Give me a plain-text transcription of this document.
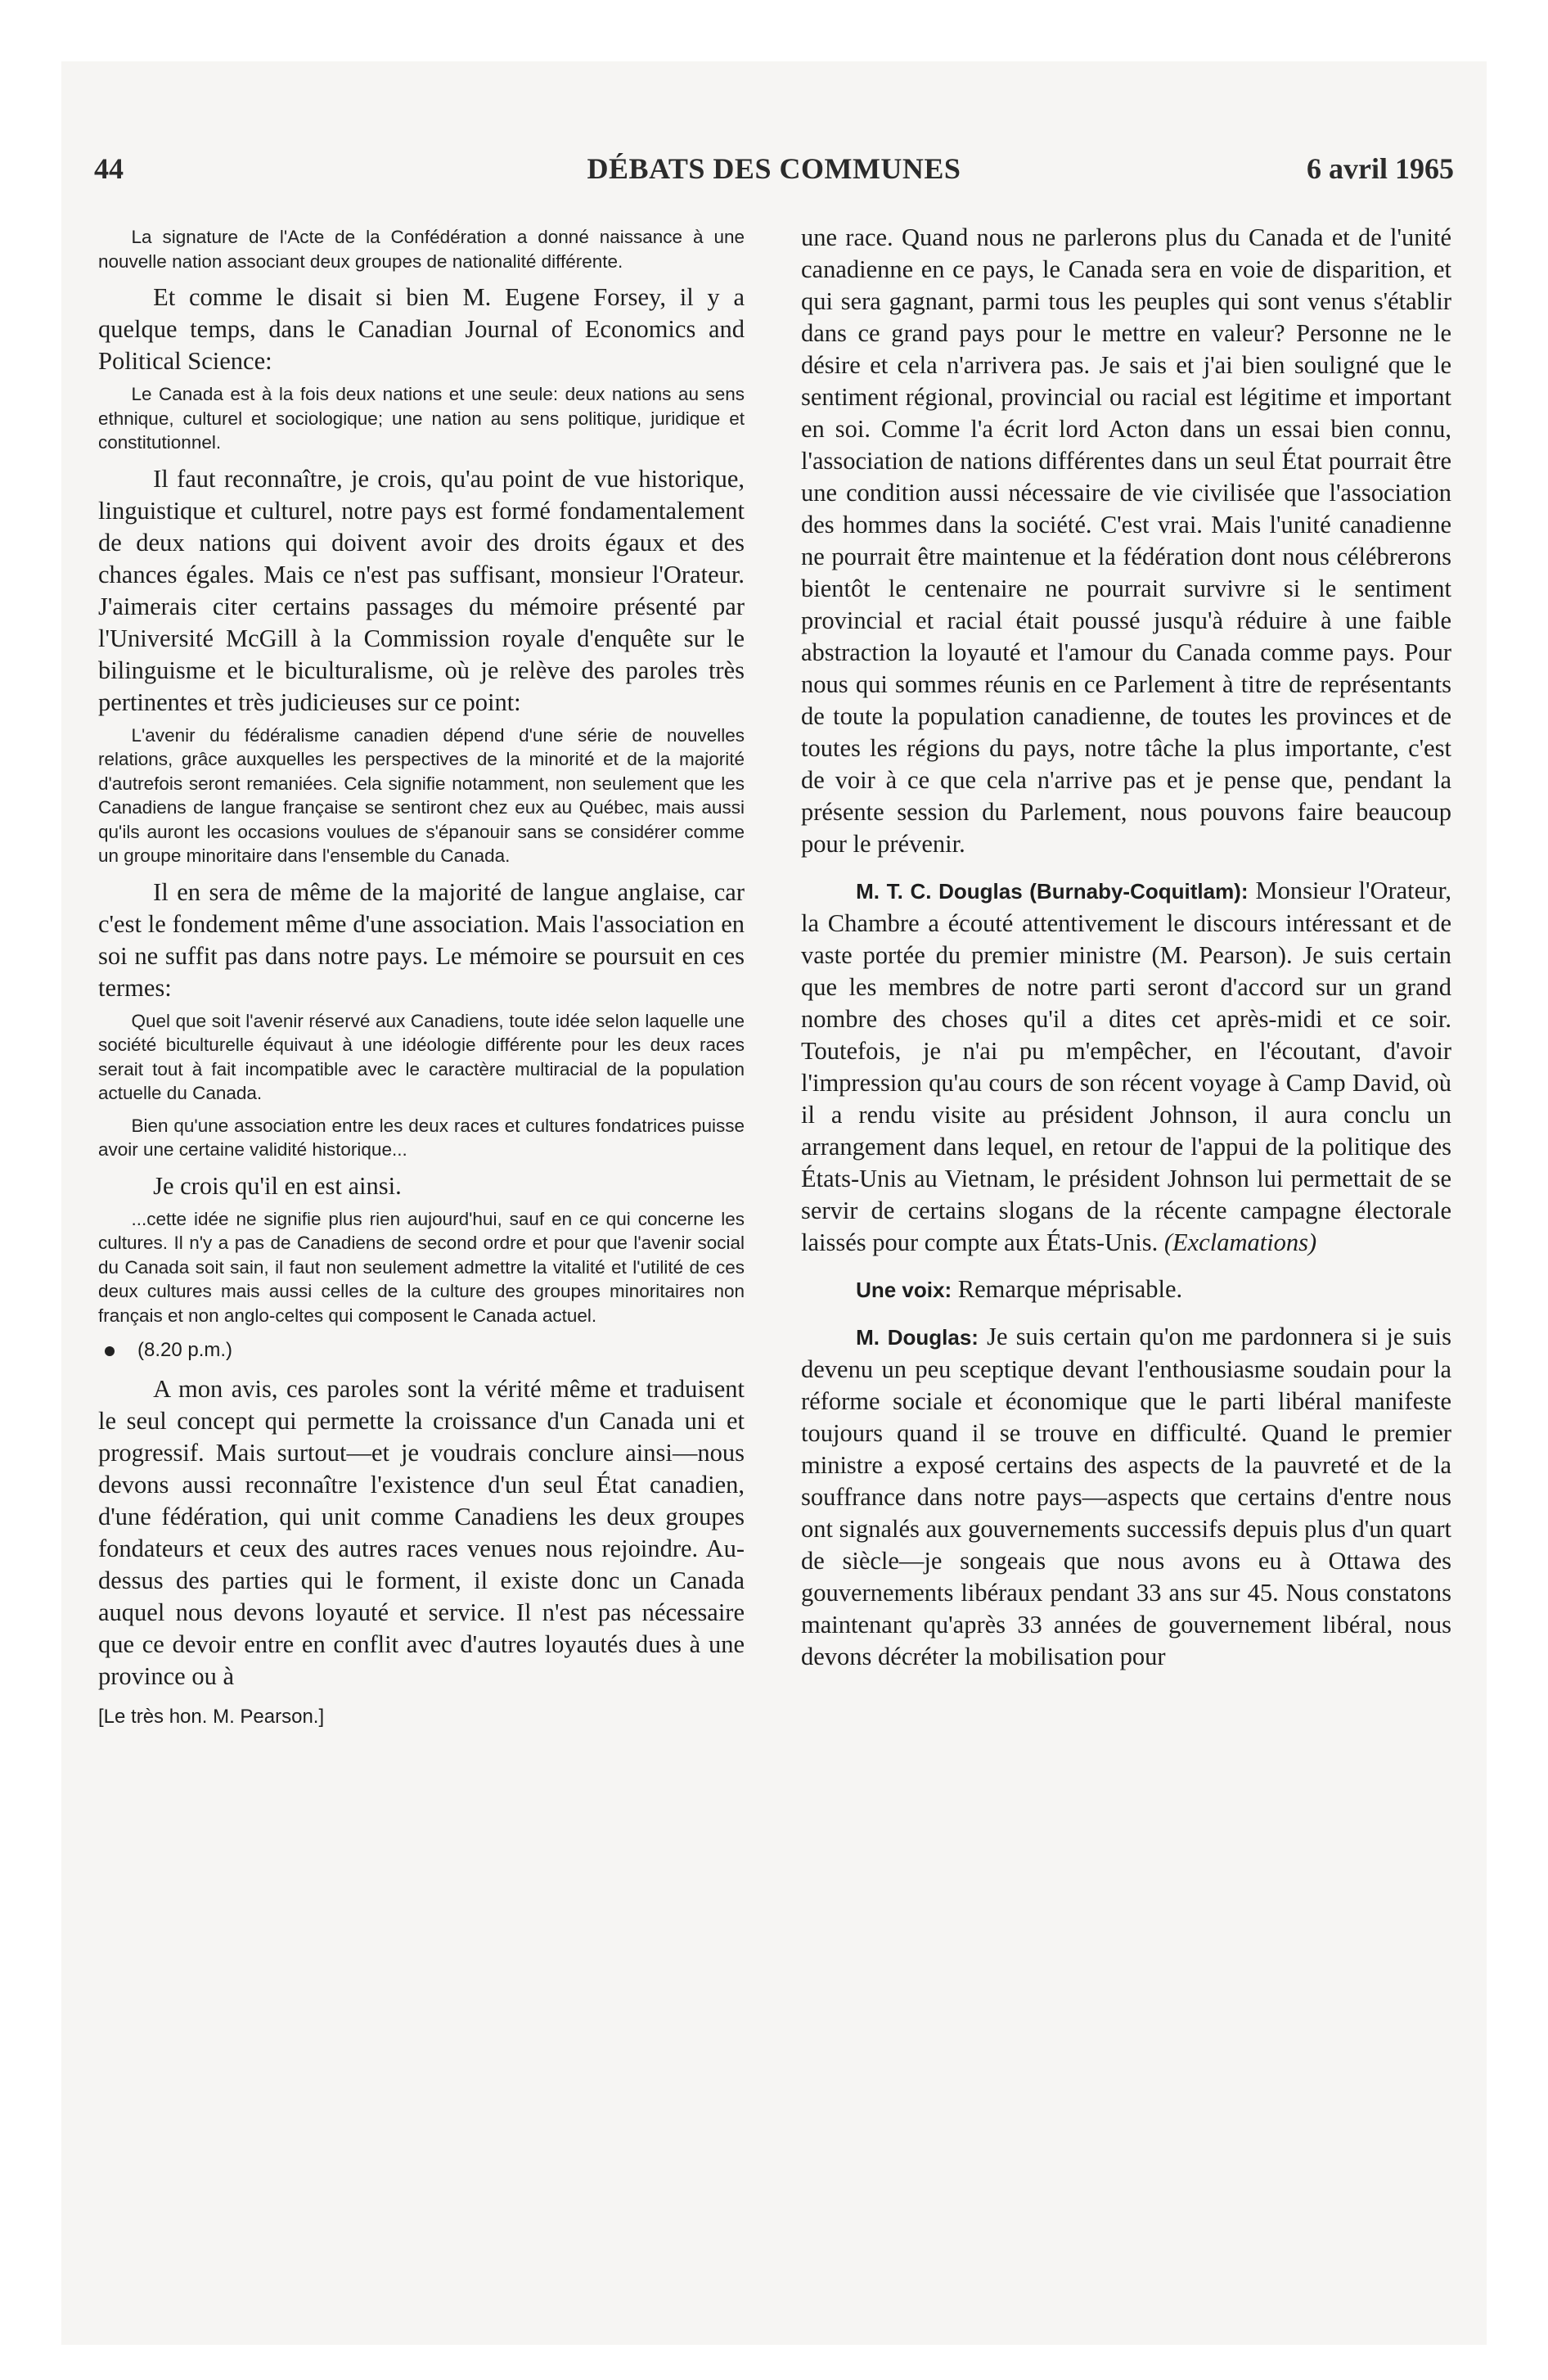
44	DÉBATS DES COMMUNES	6 avril 1965
La signature de l'Acte de la Confédération a donné naissance à une nouvelle nation associant deux groupes de nationalité différente.
Et comme le disait si bien M. Eugene Forsey, il y a quelque temps, dans le Canadian Journal of Economics and Political Science:
Le Canada est à la fois deux nations et une seule: deux nations au sens ethnique, culturel et sociologique; une nation au sens politique, juridique et constitutionnel.
Il faut reconnaître, je crois, qu'au point de vue historique, linguistique et culturel, notre pays est formé fondamentalement de deux nations qui doivent avoir des droits égaux et des chances égales. Mais ce n'est pas suffisant, monsieur l'Orateur. J'aimerais citer certains passages du mémoire présenté par l'Université McGill à la Commission royale d'enquête sur le bilinguisme et le biculturalisme, où je relève des paroles très pertinentes et très judicieuses sur ce point:
L'avenir du fédéralisme canadien dépend d'une série de nouvelles relations, grâce auxquelles les perspectives de la minorité et de la majorité d'autrefois seront remaniées. Cela signifie notamment, non seulement que les Canadiens de langue française se sentiront chez eux au Québec, mais aussi qu'ils auront les occasions voulues de s'épanouir sans se considérer comme un groupe minoritaire dans l'ensemble du Canada.
Il en sera de même de la majorité de langue anglaise, car c'est le fondement même d'une association. Mais l'association en soi ne suffit pas dans notre pays. Le mémoire se poursuit en ces termes:
Quel que soit l'avenir réservé aux Canadiens, toute idée selon laquelle une société biculturelle équivaut à une idéologie différente pour les deux races serait tout à fait incompatible avec le caractère multiracial de la population actuelle du Canada.
Bien qu'une association entre les deux races et cultures fondatrices puisse avoir une certaine validité historique...
Je crois qu'il en est ainsi.
...cette idée ne signifie plus rien aujourd'hui, sauf en ce qui concerne les cultures. Il n'y a pas de Canadiens de second ordre et pour que l'avenir social du Canada soit sain, il faut non seulement admettre la vitalité et l'utilité de ces deux cultures mais aussi celles de la culture des groupes minoritaires non français et non anglo-celtes qui composent le Canada actuel.
(8.20 p.m.)
A mon avis, ces paroles sont la vérité même et traduisent le seul concept qui permette la croissance d'un Canada uni et progressif. Mais surtout—et je voudrais conclure ainsi—nous devons aussi reconnaître l'existence d'un seul État canadien, d'une fédération, qui unit comme Canadiens les deux groupes fondateurs et ceux des autres races venues nous rejoindre. Au-dessus des parties qui le forment, il existe donc un Canada auquel nous devons loyauté et service. Il n'est pas nécessaire que ce devoir entre en conflit avec d'autres loyautés dues à une province ou à
[Le très hon. M. Pearson.]
une race. Quand nous ne parlerons plus du Canada et de l'unité canadienne en ce pays, le Canada sera en voie de disparition, et qui sera gagnant, parmi tous les peuples qui sont venus s'établir dans ce grand pays pour le mettre en valeur? Personne ne le désire et cela n'arrivera pas. Je sais et j'ai bien souligné que le sentiment régional, provincial ou racial est légitime et important en soi. Comme l'a écrit lord Acton dans un essai bien connu, l'association de nations différentes dans un seul État pourrait être une condition aussi nécessaire de vie civilisée que l'association des hommes dans la société. C'est vrai. Mais l'unité canadienne ne pourrait être maintenue et la fédération dont nous célébrerons bientôt le centenaire ne pourrait survivre si le sentiment provincial et racial était poussé jusqu'à réduire à une faible abstraction la loyauté et l'amour du Canada comme pays. Pour nous qui sommes réunis en ce Parlement à titre de représentants de toute la population canadienne, de toutes les provinces et de toutes les régions du pays, notre tâche la plus importante, c'est de voir à ce que cela n'arrive pas et je pense que, pendant la présente session du Parlement, nous pouvons faire beaucoup pour le prévenir.
M. T. C. Douglas (Burnaby-Coquitlam): Monsieur l'Orateur, la Chambre a écouté attentivement le discours intéressant et de vaste portée du premier ministre (M. Pearson). Je suis certain que les membres de notre parti seront d'accord sur un grand nombre des choses qu'il a dites cet après-midi et ce soir. Toutefois, je n'ai pu m'empêcher, en l'écoutant, d'avoir l'impression qu'au cours de son récent voyage à Camp David, où il a rendu visite au président Johnson, il aura conclu un arrangement dans lequel, en retour de l'appui de la politique des États-Unis au Vietnam, le président Johnson lui permettait de se servir de certains slogans de la récente campagne électorale laissés pour compte aux États-Unis. (Exclamations)
Une voix: Remarque méprisable.
M. Douglas: Je suis certain qu'on me pardonnera si je suis devenu un peu sceptique devant l'enthousiasme soudain pour la réforme sociale et économique que le parti libéral manifeste toujours quand il se trouve en difficulté. Quand le premier ministre a exposé certains des aspects de la pauvreté et de la souffrance dans notre pays—aspects que certains d'entre nous ont signalés aux gouvernements successifs depuis plus d'un quart de siècle—je songeais que nous avons eu à Ottawa des gouvernements libéraux pendant 33 ans sur 45. Nous constatons maintenant qu'après 33 années de gouvernement libéral, nous devons décréter la mobilisation pour
